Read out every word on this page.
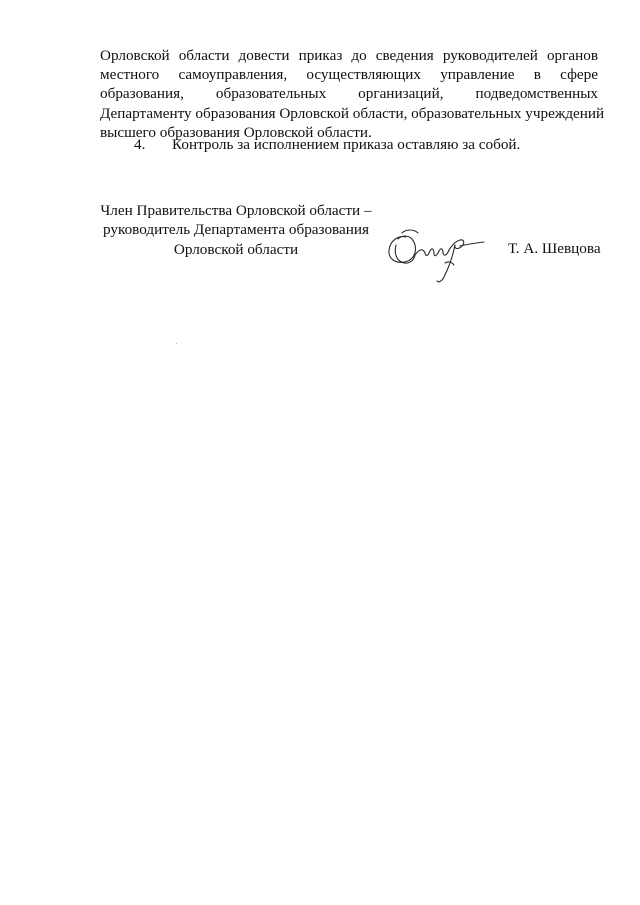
Орловской области довести приказ до сведения руководителей органов
местного самоуправления, осуществляющих управление в сфере
образования, образовательных организаций, подведомственных
Департаменту образования Орловской области, образовательных учреждений
высшего образования Орловской области.
4. Контроль за исполнением приказа оставляю за собой.
Член Правительства Орловской области –
руководитель Департамента образования
Орловской области	Т. А. Шевцова
